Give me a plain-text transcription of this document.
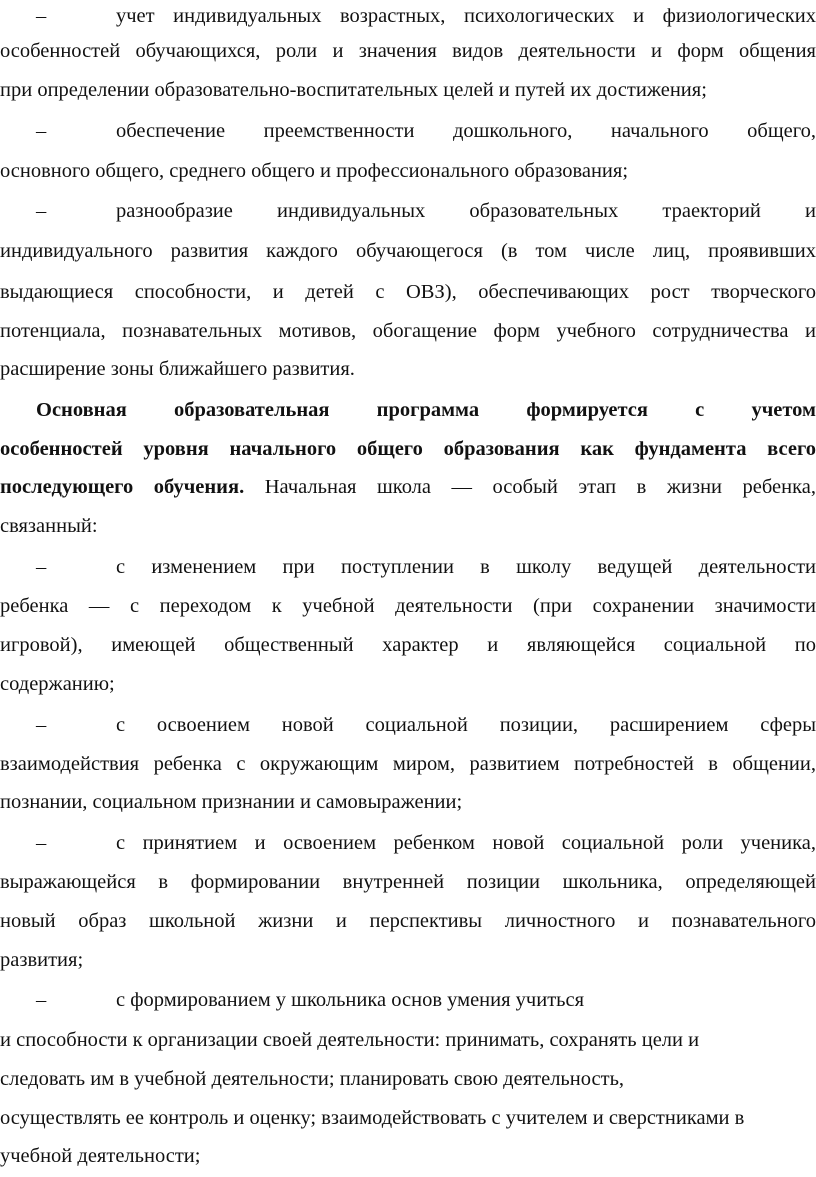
–	учет индивидуальных возрастных, психологических и физиологических
особенностей обучающихся, роли и значения видов деятельности и форм общения
при определении образовательно-воспитательных целей и путей их достижения;
–	обеспечение преемственности дошкольного, начального общего,
основного общего, среднего общего и профессионального образования;
–	разнообразие индивидуальных образовательных траекторий и
индивидуального развития каждого обучающегося (в том числе лиц, проявивших
выдающиеся способности, и детей с ОВЗ), обеспечивающих рост творческого
потенциала, познавательных мотивов, обогащение форм учебного сотрудничества и
расширение зоны ближайшего развития.
Основная образовательная программа формируется с учетом
особенностей уровня начального общего образования как фундамента всего
последующего обучения. Начальная школа — особый этап в жизни ребенка,
связанный:
–	с изменением при поступлении в школу ведущей деятельности
ребенка — с переходом к учебной деятельности (при сохранении значимости
игровой), имеющей общественный характер и являющейся социальной по
содержанию;
–	с освоением новой социальной позиции, расширением сферы
взаимодействия ребенка с окружающим миром, развитием потребностей в общении,
познании, социальном признании и самовыражении;
–	с принятием и освоением ребенком новой социальной роли ученика,
выражающейся в формировании внутренней позиции школьника, определяющей
новый образ школьной жизни и перспективы личностного и познавательного
развития;
–	с формированием у школьника основ умения учиться
и способности к организации своей деятельности: принимать, сохранять цели и
следовать им в учебной деятельности; планировать свою деятельность,
осуществлять ее контроль и оценку; взаимодействовать с учителем и сверстниками в
учебной деятельности;
